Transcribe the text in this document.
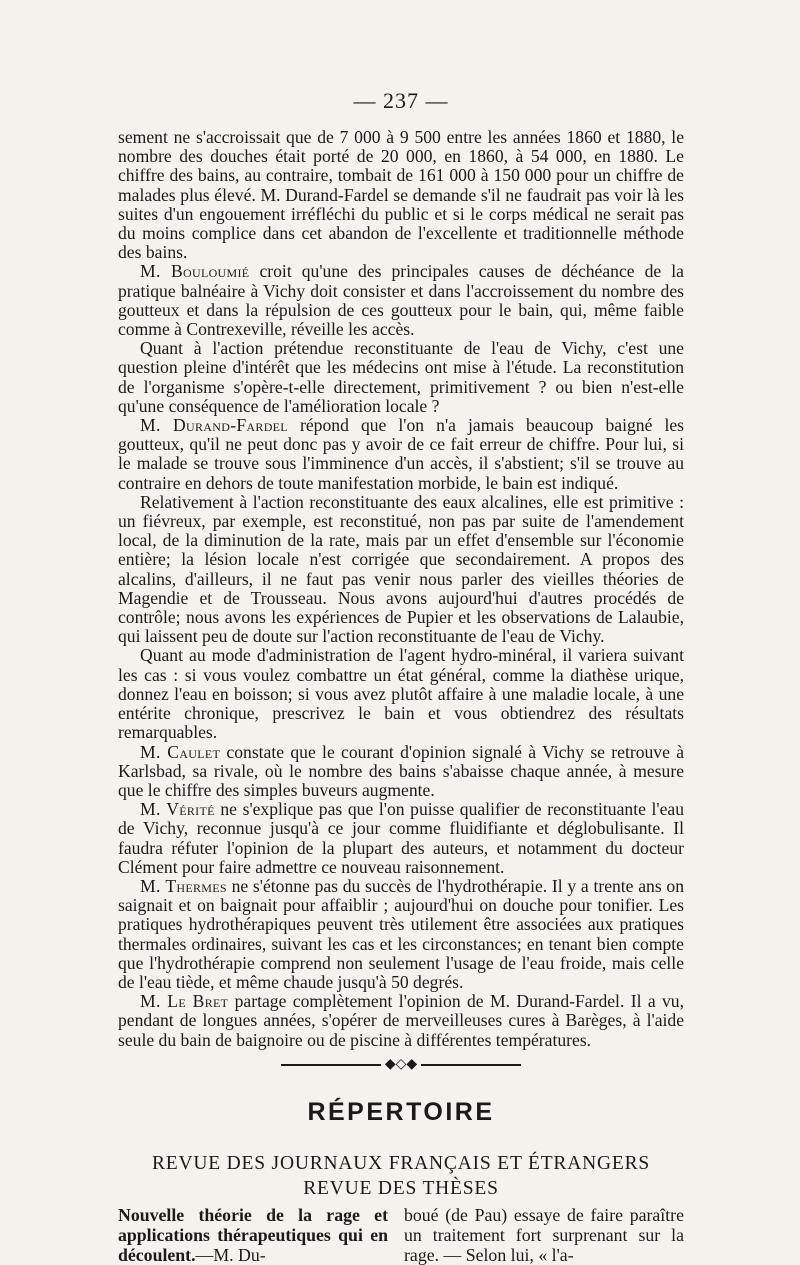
— 237 —

sement ne s'accroissait que de 7 000 à 9 500 entre les années 1860 et 1880, le nombre des douches était porté de 20 000, en 1860, à 54 000, en 1880. Le chiffre des bains, au contraire, tombait de 161 000 à 150 000 pour un chiffre de malades plus élevé. M. Durand-Fardel se demande s'il ne faudrait pas voir là les suites d'un engouement irréfléchi du public et si le corps médical ne serait pas du moins complice dans cet abandon de l'excellente et traditionnelle méthode des bains.

M. Bouloumié croit qu'une des principales causes de déchéance de la pratique balnéaire à Vichy doit consister et dans l'accroissement du nombre des goutteux et dans la répulsion de ces goutteux pour le bain, qui, même faible comme à Contrexeville, réveille les accès.

Quant à l'action prétendue reconstituante de l'eau de Vichy, c'est une question pleine d'intérêt que les médecins ont mise à l'étude. La reconstitution de l'organisme s'opère-t-elle directement, primitivement ? ou bien n'est-elle qu'une conséquence de l'amélioration locale ?

M. Durand-Fardel répond que l'on n'a jamais beaucoup baigné les goutteux, qu'il ne peut donc pas y avoir de ce fait erreur de chiffre. Pour lui, si le malade se trouve sous l'imminence d'un accès, il s'abstient; s'il se trouve au contraire en dehors de toute manifestation morbide, le bain est indiqué.

Relativement à l'action reconstituante des eaux alcalines, elle est primitive : un fiévreux, par exemple, est reconstitué, non pas par suite de l'amendement local, de la diminution de la rate, mais par un effet d'ensemble sur l'économie entière; la lésion locale n'est corrigée que secondairement. A propos des alcalins, d'ailleurs, il ne faut pas venir nous parler des vieilles théories de Magendie et de Trousseau. Nous avons aujourd'hui d'autres procédés de contrôle; nous avons les expériences de Pupier et les observations de Lalaubie, qui laissent peu de doute sur l'action reconstituante de l'eau de Vichy.

Quant au mode d'administration de l'agent hydro-minéral, il variera suivant les cas : si vous voulez combattre un état général, comme la diathèse urique, donnez l'eau en boisson; si vous avez plutôt affaire à une maladie locale, à une entérite chronique, prescrivez le bain et vous obtiendrez des résultats remarquables.

M. Caulet constate que le courant d'opinion signalé à Vichy se retrouve à Karlsbad, sa rivale, où le nombre des bains s'abaisse chaque année, à mesure que le chiffre des simples buveurs augmente.

M. Vérité ne s'explique pas que l'on puisse qualifier de reconstituante l'eau de Vichy, reconnue jusqu'à ce jour comme fluidifiante et déglobulisante. Il faudra réfuter l'opinion de la plupart des auteurs, et notamment du docteur Clément pour faire admettre ce nouveau raisonnement.

M. Thermes ne s'étonne pas du succès de l'hydrothérapie. Il y a trente ans on saignait et on baignait pour affaiblir ; aujourd'hui on douche pour tonifier. Les pratiques hydrothérapiques peuvent très utilement être associées aux pratiques thermales ordinaires, suivant les cas et les circonstances; en tenant bien compte que l'hydrothérapie comprend non seulement l'usage de l'eau froide, mais celle de l'eau tiède, et même chaude jusqu'à 50 degrés.

M. Le Bret partage complètement l'opinion de M. Durand-Fardel. Il a vu, pendant de longues années, s'opérer de merveilleuses cures à Barèges, à l'aide seule du bain de baignoire ou de piscine à différentes températures.

◆◇◆
RÉPERTOIRE
REVUE DES JOURNAUX FRANÇAIS ET ÉTRANGERS
REVUE DES THÈSES

Nouvelle théorie de la rage et applications thérapeutiques qui en découlent.—M. Du-

boué (de Pau) essaye de faire paraître un traitement fort surprenant sur la rage. — Selon lui, « l'a-
